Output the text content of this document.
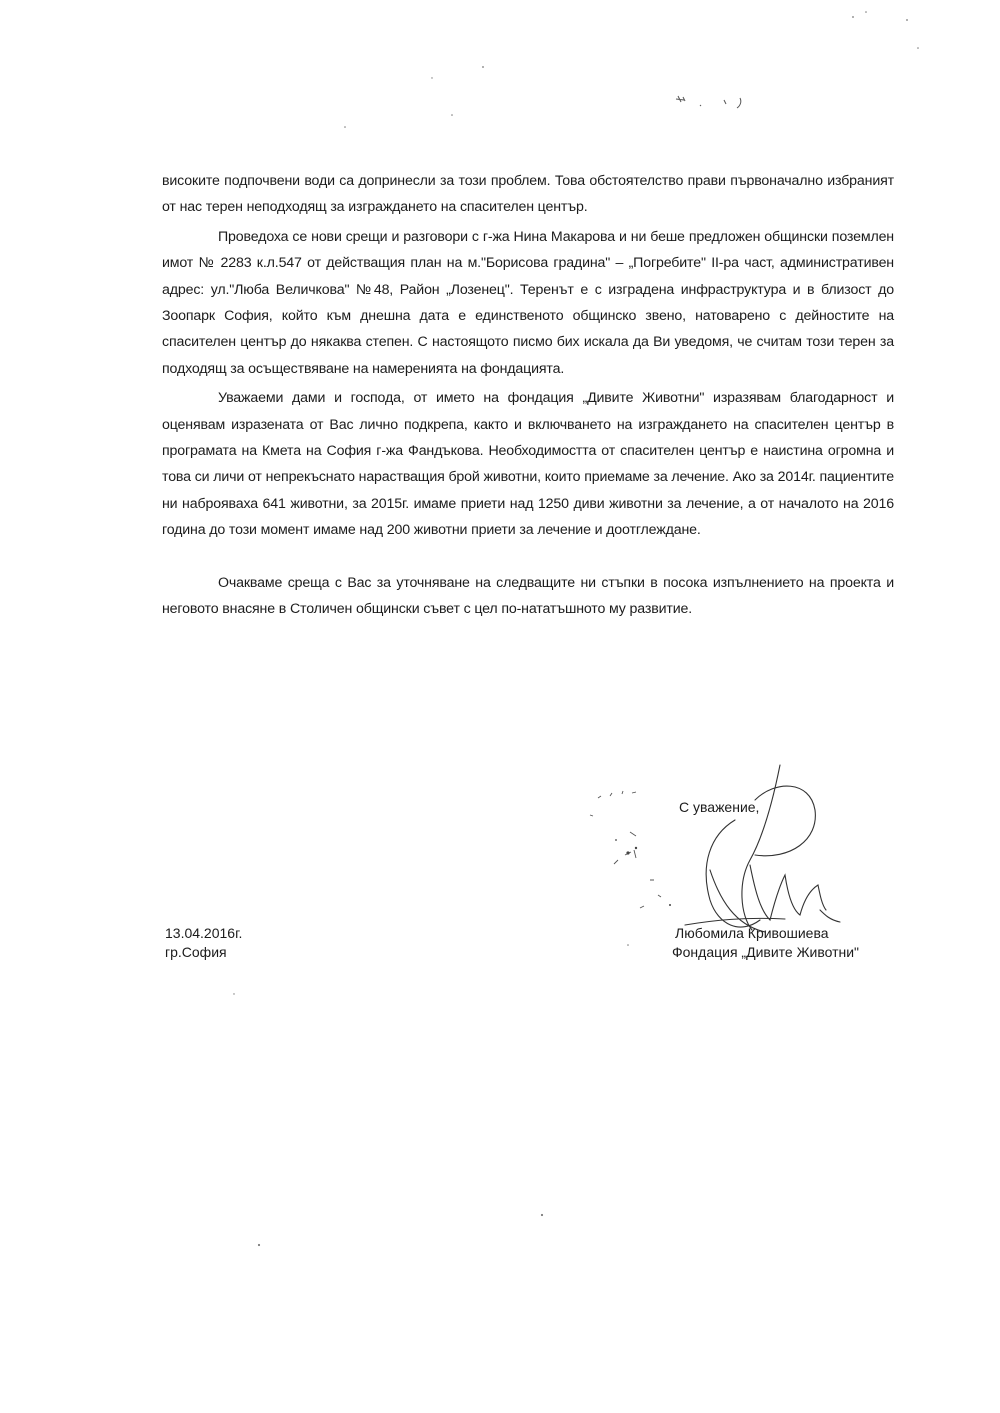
високите подпочвени води са допринесли за този проблем. Това обстоятелство прави първоначално избраният от нас терен неподходящ за изграждането на спасителен център.

Проведоха се нови срещи и разговори с г-жа Нина Макарова и ни беше предложен общински поземлен имот № 2283 к.л.547 от действащия план на м."Борисова градина" – „Погребите" II-ра част, административен адрес: ул."Люба Величкова" №48, Район „Лозенец". Теренът е с изградена инфраструктура и в близост до Зоопарк София, който към днешна дата е единственото общинско звено, натоварено с дейностите на спасителен център до някаква степен. С настоящото писмо бих искала да Ви уведомя, че считам този терен за подходящ за осъществяване на намеренията на фондацията.

Уважаеми дами и господа, от името на фондация „Дивите Животни" изразявам благодарност и оценявам изразената от Вас лично подкрепа, както и включването на изграждането на спасителен център в програмата на Кмета на София г-жа Фандъкова. Необходимостта от спасителен център е наистина огромна и това си личи от непрекъснато нарастващия брой животни, които приемаме за лечение. Ако за 2014г. пациентите ни наброяваха 641 животни, за 2015г. имаме приети над 1250 диви животни за лечение, а от началото на 2016 година до този момент имаме над 200 животни приети за лечение и доотглеждане.

Очакваме среща с Вас за уточняване на следващите ни стъпки в посока изпълнението на проекта и неговото внасяне в Столичен общински съвет с цел по-нататъшното му развитие.

С уважение,
Любомила Кривошиева
Фондация „Дивите Животни"
13.04.2016г.
гр.София
